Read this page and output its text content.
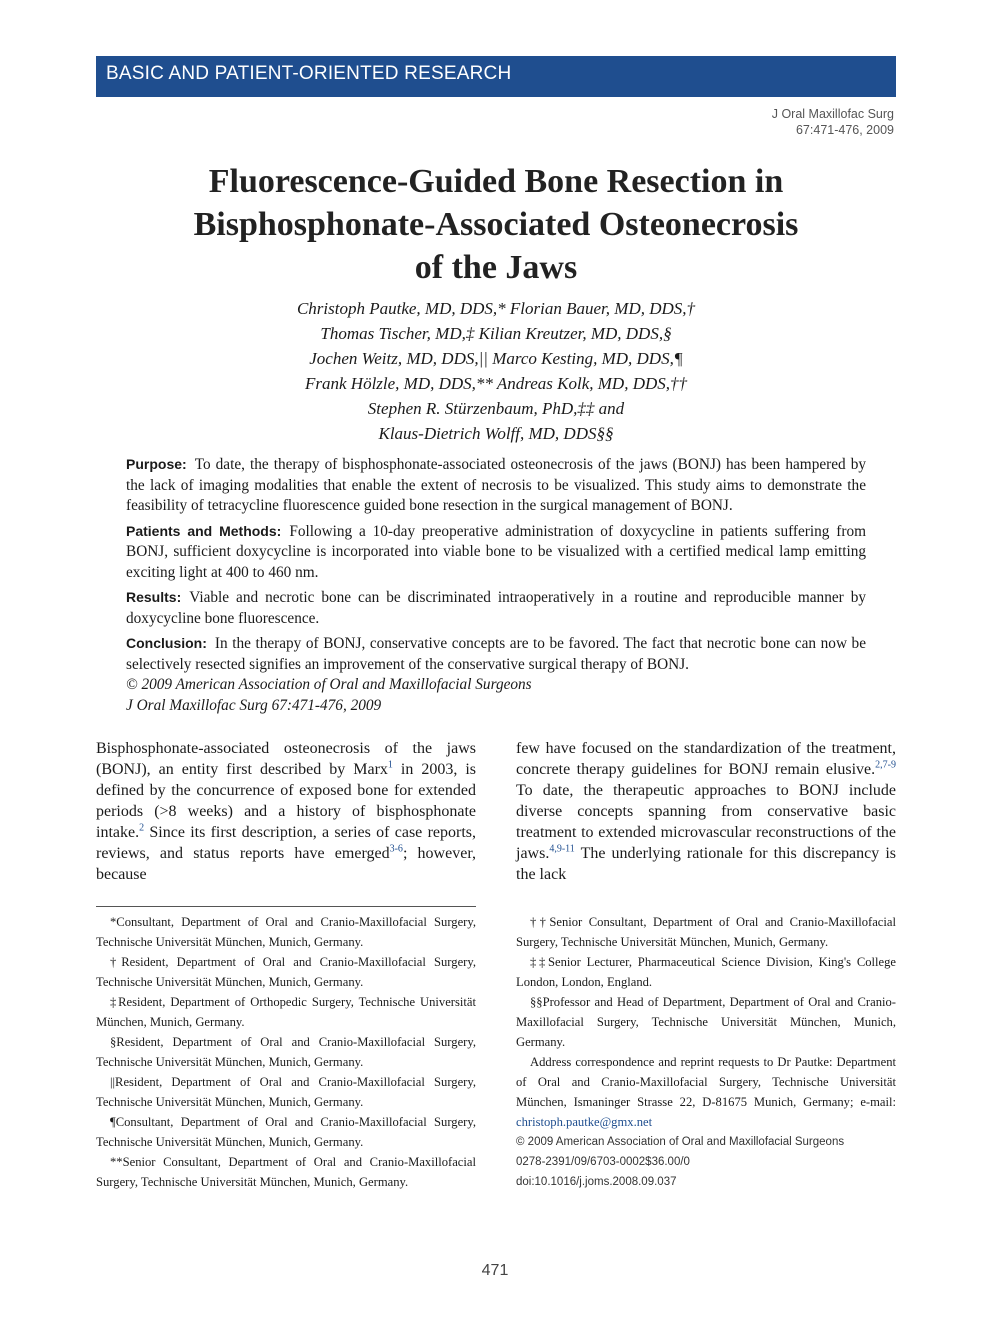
BASIC AND PATIENT-ORIENTED RESEARCH
J Oral Maxillofac Surg
67:471-476, 2009
Fluorescence-Guided Bone Resection in
Bisphosphonate-Associated Osteonecrosis
of the Jaws
Christoph Pautke, MD, DDS,* Florian Bauer, MD, DDS,†
Thomas Tischer, MD,‡ Kilian Kreutzer, MD, DDS,§
Jochen Weitz, MD, DDS,|| Marco Kesting, MD, DDS,¶
Frank Hölzle, MD, DDS,** Andreas Kolk, MD, DDS,††
Stephen R. Stürzenbaum, PhD,‡‡ and
Klaus-Dietrich Wolff, MD, DDS§§

Purpose: To date, the therapy of bisphosphonate-associated osteonecrosis of the jaws (BONJ) has been hampered by the lack of imaging modalities that enable the extent of necrosis to be visualized. This study aims to demonstrate the feasibility of tetracycline fluorescence guided bone resection in the surgical management of BONJ.

Patients and Methods: Following a 10-day preoperative administration of doxycycline in patients suffering from BONJ, sufficient doxycycline is incorporated into viable bone to be visualized with a certified medical lamp emitting exciting light at 400 to 460 nm.

Results: Viable and necrotic bone can be discriminated intraoperatively in a routine and reproducible manner by doxycycline bone fluorescence.

Conclusion: In the therapy of BONJ, conservative concepts are to be favored. The fact that necrotic bone can now be selectively resected signifies an improvement of the conservative surgical therapy of BONJ.

© 2009 American Association of Oral and Maxillofacial Surgeons

J Oral Maxillofac Surg 67:471-476, 2009

Bisphosphonate-associated osteonecrosis of the jaws (BONJ), an entity first described by Marx$^1$ in 2003, is defined by the concurrence of exposed bone for extended periods (>8 weeks) and a history of bisphosphonate intake.$^2$ Since its first description, a series of case reports, reviews, and status reports have emerged$^{3-6}$; however, because

few have focused on the standardization of the treatment, concrete therapy guidelines for BONJ remain elusive.$^{2,7-9}$ To date, the therapeutic approaches to BONJ include diverse concepts spanning from conservative basic treatment to extended microvascular reconstructions of the jaws.$^{4,9-11}$ The underlying rationale for this discrepancy is the lack

*Consultant, Department of Oral and Cranio-Maxillofacial Surgery, Technische Universität München, Munich, Germany.

†Resident, Department of Oral and Cranio-Maxillofacial Surgery, Technische Universität München, Munich, Germany.

‡Resident, Department of Orthopedic Surgery, Technische Universität München, Munich, Germany.

§Resident, Department of Oral and Cranio-Maxillofacial Surgery, Technische Universität München, Munich, Germany.

||Resident, Department of Oral and Cranio-Maxillofacial Surgery, Technische Universität München, Munich, Germany.

¶Consultant, Department of Oral and Cranio-Maxillofacial Surgery, Technische Universität München, Munich, Germany.

**Senior Consultant, Department of Oral and Cranio-Maxillofacial Surgery, Technische Universität München, Munich, Germany.

††Senior Consultant, Department of Oral and Cranio-Maxillofacial Surgery, Technische Universität München, Munich, Germany.

‡‡Senior Lecturer, Pharmaceutical Science Division, King's College London, London, England.

§§Professor and Head of Department, Department of Oral and Cranio-Maxillofacial Surgery, Technische Universität München, Munich, Germany.

Address correspondence and reprint requests to Dr Pautke: Department of Oral and Cranio-Maxillofacial Surgery, Technische Universität München, Ismaninger Strasse 22, D-81675 Munich, Germany; e-mail: christoph.pautke@gmx.net

© 2009 American Association of Oral and Maxillofacial Surgeons

0278-2391/09/6703-0002$36.00/0

doi:10.1016/j.joms.2008.09.037

471
